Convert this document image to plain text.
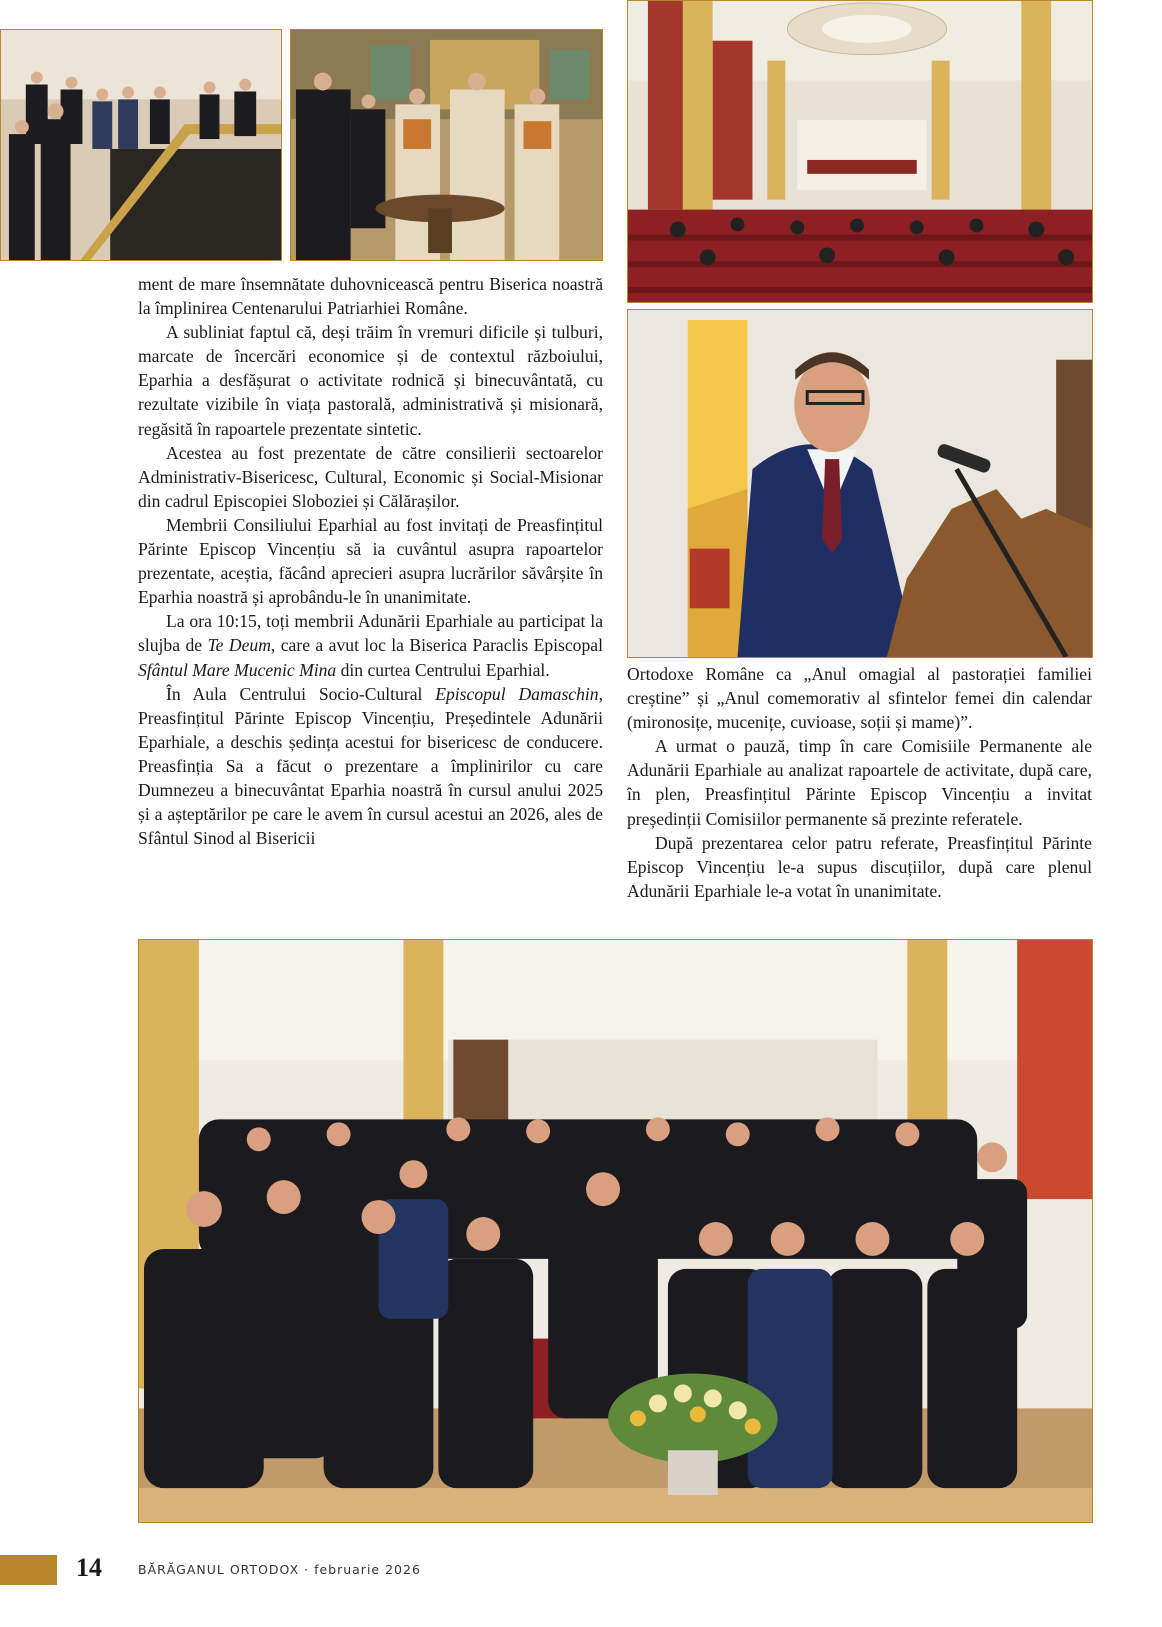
ment de mare însemnătate duhovnicească pentru Biserica noastră la împlinirea Centenarului Patriarhiei Române.

A subliniat faptul că, deși trăim în vremuri dificile și tulburi, marcate de încercări economice și de contextul războiului, Eparhia a desfășurat o activitate rodnică și binecuvântată, cu rezultate vizibile în viața pastorală, administrativă și misionară, regăsită în rapoartele prezentate sintetic.

Acestea au fost prezentate de către consilierii sectoarelor Administrativ-Bisericesc, Cultural, Economic și Social-Misionar din cadrul Episcopiei Sloboziei și Călărașilor.

Membrii Consiliului Eparhial au fost invitați de Preasfințitul Părinte Episcop Vincențiu să ia cuvântul asupra rapoartelor prezentate, aceștia, făcând aprecieri asupra lucrărilor săvârșite în Eparhia noastră și aprobându-le în unanimitate.

La ora 10:15, toți membrii Adunării Eparhiale au participat la slujba de Te Deum, care a avut loc la Biserica Paraclis Episcopal Sfântul Mare Mucenic Mina din curtea Centrului Eparhial.

În Aula Centrului Socio-Cultural Episcopul Damaschin, Preasfințitul Părinte Episcop Vincențiu, Președintele Adunării Eparhiale, a deschis ședința acestui for bisericesc de conducere. Preasfinția Sa a făcut o prezentare a împlinirilor cu care Dumnezeu a binecuvântat Eparhia noastră în cursul anului 2025 și a așteptărilor pe care le avem în cursul acestui an 2026, ales de Sfântul Sinod al Bisericii

Ortodoxe Române ca „Anul omagial al pastorației familiei creștine” și „Anul comemorativ al sfintelor femei din calendar (mironosițe, mucenițe, cuvioase, soții și mame)”.

A urmat o pauză, timp în care Comisiile Permanente ale Adunării Eparhiale au analizat rapoartele de activitate, după care, în plen, Preasfințitul Părinte Episcop Vincențiu a invitat președinții Comisiilor permanente să prezinte referatele.

După prezentarea celor patru referate, Preasfințitul Părinte Episcop Vincențiu le-a supus discuțiilor, după care plenul Adunării Eparhiale le-a votat în unanimitate.

14	BĂRĂGANUL ORTODOX · februarie 2026
